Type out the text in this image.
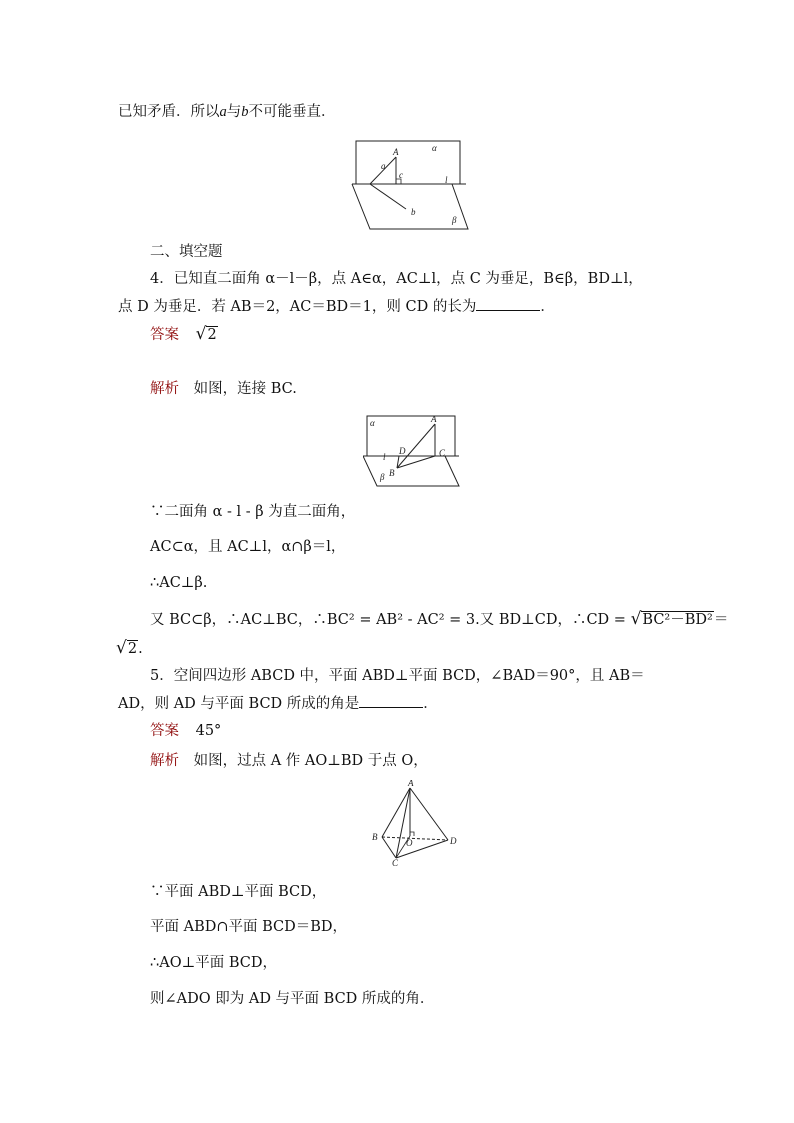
已知矛盾．所以a与b不可能垂直．
α
A
a
c	l
b
β
二、填空题
4．已知直二面角 α－l－β，点 A∈α，AC⊥l，点 C 为垂足，B∈β，BD⊥l，
点 D 为垂足．若 AB＝2，AC＝BD＝1，则 CD 的长为	．
答案 √2
解析 如图，连接 BC.
α	A
D
l	C
B
β
∵二面角 α - l - β 为直二面角，
AC⊂α，且 AC⊥l，α∩β＝l，
∴AC⊥β.
又 BC⊂β，∴AC⊥BC，∴BC² = AB² - AC² = 3.又 BD⊥CD，∴CD = √BC²－BD²＝
√2.
5．空间四边形 ABCD 中，平面 ABD⊥平面 BCD，∠BAD＝90°，且 AB＝
AD，则 AD 与平面 BCD 所成的角是	．
答案 45°
解析 如图，过点 A 作 AO⊥BD 于点 O，
A
B
O	D
C
∵平面 ABD⊥平面 BCD，
平面 ABD∩平面 BCD＝BD，
∴AO⊥平面 BCD，
则∠ADO 即为 AD 与平面 BCD 所成的角．
